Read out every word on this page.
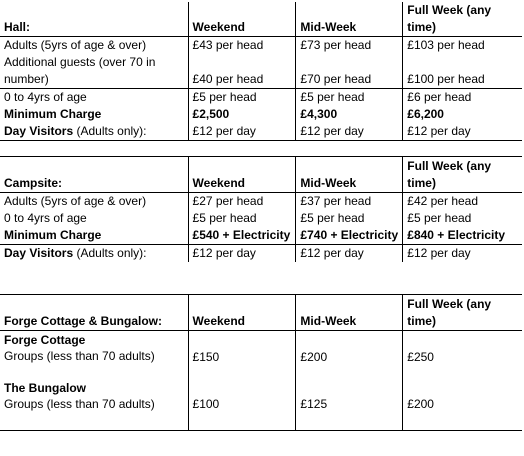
Hall:	Weekend	Mid-Week	Full Week (any time)
Adults (5yrs of age & over)	£43 per head	£73 per head	£103 per head
Additional guests (over 70 in number)	£40 per head	£70 per head	£100 per head
0 to 4yrs of age	£5 per head	£5 per head	£6 per head
Minimum Charge	£2,500	£4,300	£6,200
Day Visitors (Adults only):	£12 per day	£12 per day	£12 per day
Campsite:	Weekend	Mid-Week	Full Week (any time)
Adults (5yrs of age & over)	£27 per head	£37 per head	£42 per head
0 to 4yrs of age	£5 per head	£5 per head	£5 per head
Minimum Charge	£540 + Electricity	£740 + Electricity	£840 + Electricity
Day Visitors (Adults only):	£12 per day	£12 per day	£12 per day
Forge Cottage & Bungalow:	Weekend	Mid-Week	Full Week (any time)
Forge Cottage
Groups (less than 70 adults)	£150	£200	£250
The Bungalow
Groups (less than 70 adults)	£100	£125	£200
